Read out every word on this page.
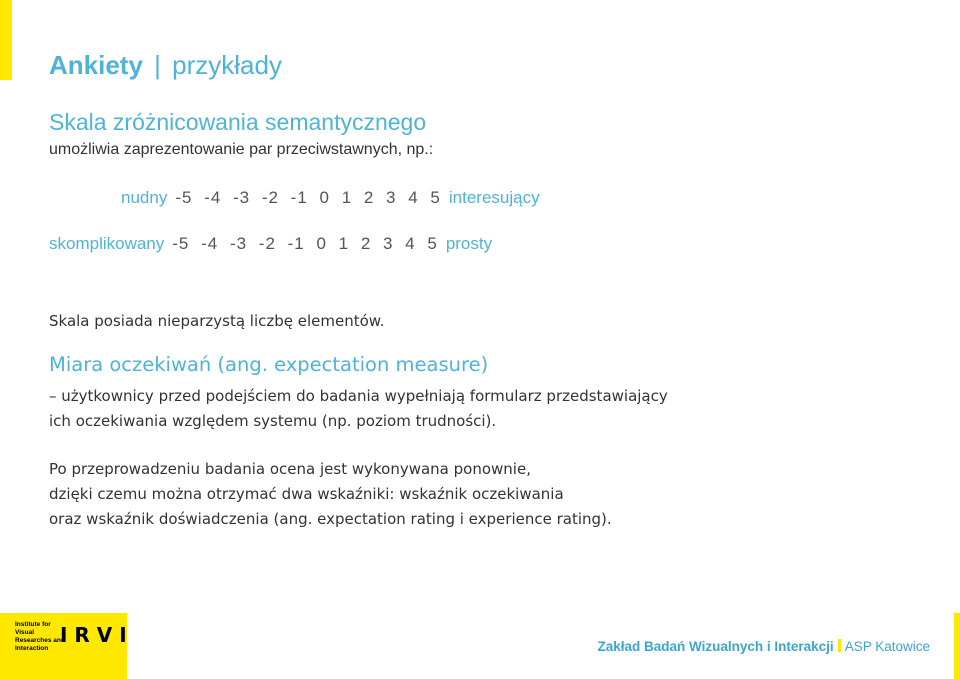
Ankiety | przykłady
Skala zróżnicowania semantycznego
umożliwia zaprezentowanie par przeciwstawnych, np.:
nudny -5 -4 -3 -2 -1 0 1 2 3 4 5 interesujący
skomplikowany -5 -4 -3 -2 -1 0 1 2 3 4 5 prosty
Skala posiada nieparzystą liczbę elementów.
Miara oczekiwań (ang. expectation measure)
– użytkownicy przed podejściem do badania wypełniają formularz przedstawiający
ich oczekiwania względem systemu (np. poziom trudności).
Po przeprowadzeniu badania ocena jest wykonywana ponownie,
dzięki czemu można otrzymać dwa wskaźniki: wskaźnik oczekiwania
oraz wskaźnik doświadczenia (ang. expectation rating i experience rating).
Institute for
Visual
Researches and
Interaction
I R V I	Zakład Badań Wizualnych i Interakcji ASP Katowice
